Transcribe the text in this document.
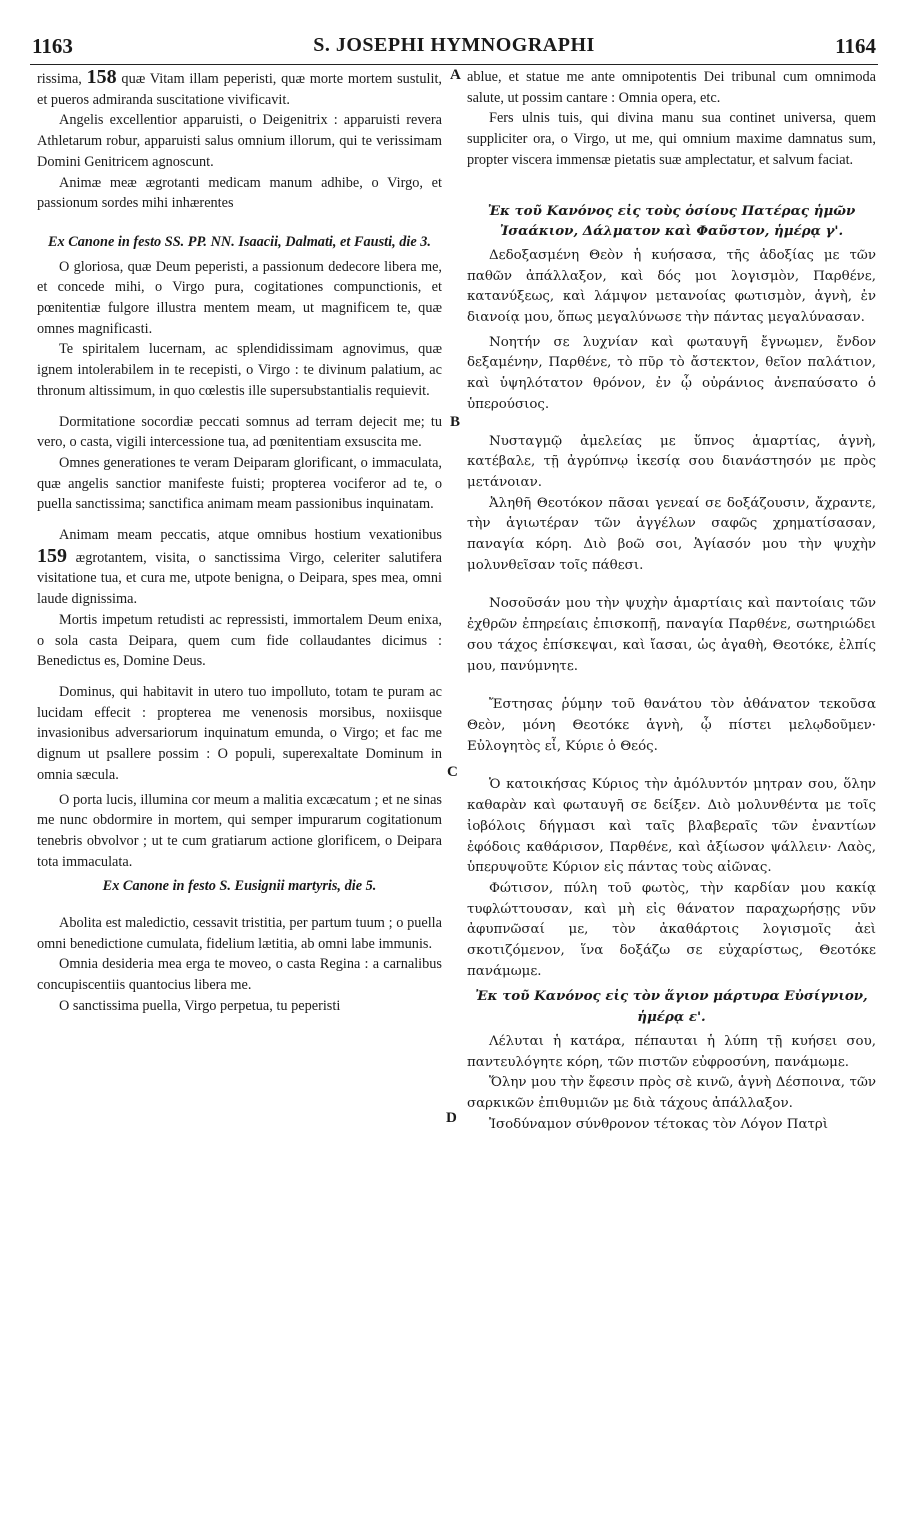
1163	S. JOSEPHI HYMNOGRAPHI	1164
A
B
C
D

rissima, 158 quæ Vitam illam peperisti, quæ morte mortem sustulit, et pueros admiranda suscitatione vivificavit.

Angelis excellentior apparuisti, o Deigenitrix : apparuisti revera Athletarum robur, apparuisti salus omnium illorum, qui te verissimam Domini Genitricem agnoscunt.

Animæ meæ ægrotanti medicam manum adhibe, o Virgo, et passionum sordes mihi inhærentes

Ex Canone in festo SS. PP. NN. Isaacii, Dalmati, et Fausti, die 3.

O gloriosa, quæ Deum peperisti, a passionum dedecore libera me, et concede mihi, o Virgo pura, cogitationes compunctionis, et pœnitentiæ fulgore illustra mentem meam, ut magnificem te, quæ omnes magnificasti.

Te spiritalem lucernam, ac splendidissimam agnovimus, quæ ignem intolerabilem in te recepisti, o Virgo : te divinum palatium, ac thronum altissimum, in quo cœlestis ille supersubstantialis requievit.

Dormitatione socordiæ peccati somnus ad terram dejecit me; tu vero, o casta, vigili intercessione tua, ad pœnitentiam exsuscita me.

Omnes generationes te veram Deiparam glorificant, o immaculata, quæ angelis sanctior manifeste fuisti; propterea vociferor ad te, o puella sanctissima; sanctifica animam meam passionibus inquinatam.

Animam meam peccatis, atque omnibus hostium vexationibus 159 ægrotantem, visita, o sanctissima Virgo, celeriter salutifera visitatione tua, et cura me, utpote benigna, o Deipara, spes mea, omni laude dignissima.

Mortis impetum retudisti ac repressisti, immortalem Deum enixa, o sola casta Deipara, quem cum fide collaudantes dicimus : Benedictus es, Domine Deus.

Dominus, qui habitavit in utero tuo impolluto, totam te puram ac lucidam effecit : propterea me venenosis morsibus, noxiisque invasionibus adversariorum inquinatum emunda, o Virgo; et fac me dignum ut psallere possim : O populi, superexaltate Dominum in omnia sæcula.

O porta lucis, illumina cor meum a malitia excæcatum ; et ne sinas me nunc obdormire in mortem, qui semper impurarum cogitationum tenebris obvolvor ; ut te cum gratiarum actione glorificem, o Deipara tota immaculata.

Ex Canone in festo S. Eusignii martyris, die 5.

Abolita est maledictio, cessavit tristitia, per partum tuum ; o puella omni benedictione cumulata, fidelium lætitia, ab omni labe immunis.

Omnia desideria mea erga te moveo, o casta Regina : a carnalibus concupiscentiis quantocius libera me.

O sanctissima puella, Virgo perpetua, tu peperisti

ablue, et statue me ante omnipotentis Dei tribunal cum omnimoda salute, ut possim cantare : Omnia opera, etc.

Fers ulnis tuis, qui divina manu sua continet universa, quem suppliciter ora, o Virgo, ut me, qui omnium maxime damnatus sum, propter viscera immensæ pietatis suæ amplectatur, et salvum faciat.

Ἐκ τοῦ Κανόνος εἰς τοὺς ὁσίους Πατέρας ἡμῶν Ἰσαάκιον, Δάλματον καὶ Φαῦστον, ἡμέρᾳ γ'.

Δεδοξασμένη Θεὸν ἡ κυήσασα, τῆς ἀδοξίας με τῶν παθῶν ἀπάλλαξον, καὶ δός μοι λογισμὸν, Παρθένε, κατανύξεως, καὶ λάμψον μετανοίας φωτισμὸν, ἁγνὴ, ἐν διανοίᾳ μου, ὅπως μεγαλύνωσε τὴν πάντας μεγαλύνασαν.

Νοητήν σε λυχνίαν καὶ φωταυγῆ ἔγνωμεν, ἔνδον δεξαμένην, Παρθένε, τὸ πῦρ τὸ ἄστεκτον, θεῖον παλάτιον, καὶ ὑψηλότατον θρόνον, ἐν ᾧ οὐράνιος ἀνεπαύσατο ὁ ὑπερούσιος.

Νυσταγμῷ ἀμελείας με ὕπνος ἁμαρτίας, ἁγνὴ, κατέβαλε, τῇ ἀγρύπνῳ ἱκεσίᾳ σου διανάστησόν με πρὸς μετάνοιαν.

Ἀληθῆ Θεοτόκον πᾶσαι γενεαί σε δοξάζουσιν, ἄχραντε, τὴν ἁγιωτέραν τῶν ἀγγέλων σαφῶς χρηματίσασαν, παναγία κόρη. Διὸ βοῶ σοι, Ἁγίασόν μου τὴν ψυχὴν μολυνθεῖσαν τοῖς πάθεσι.

Νοσοῦσάν μου τὴν ψυχὴν ἁμαρτίαις καὶ παντοίαις τῶν ἐχθρῶν ἐπηρείαις ἐπισκοπῇ, παναγία Παρθένε, σωτηριώδει σου τάχος ἐπίσκεψαι, καὶ ἴασαι, ὡς ἀγαθὴ, Θεοτόκε, ἐλπίς μου, πανύμνητε.

Ἔστησας ῥύμην τοῦ θανάτου τὸν ἀθάνατον τεκοῦσα Θεὸν, μόνη Θεοτόκε ἁγνὴ, ᾧ πίστει μελῳδοῦμεν· Εὐλογητὸς εἶ, Κύριε ὁ Θεός.

Ὁ κατοικήσας Κύριος τὴν ἀμόλυντόν μητραν σου, ὅλην καθαρὰν καὶ φωταυγῆ σε δείξεν. Διὸ μολυνθέντα με τοῖς ἰοβόλοις δήγμασι καὶ ταῖς βλαβεραῖς τῶν ἐναντίων ἐφόδοις καθάρισον, Παρθένε, καὶ ἀξίωσον ψάλλειν· Λαὸς, ὑπερυψοῦτε Κύριον εἰς πάντας τοὺς αἰῶνας.

Φώτισον, πύλη τοῦ φωτὸς, τὴν καρδίαν μου κακίᾳ τυφλώττουσαν, καὶ μὴ εἰς θάνατον παραχωρήσῃς νῦν ἀφυπνῶσαί με, τὸν ἀκαθάρτοις λογισμοῖς ἀεὶ σκοτιζόμενον, ἵνα δοξάζω σε εὐχαρίστως, Θεοτόκε πανάμωμε.

Ἐκ τοῦ Κανόνος εἰς τὸν ἅγιον μάρτυρα Εὐσίγνιον, ἡμέρᾳ ε'.

Λέλυται ἡ κατάρα, πέπαυται ἡ λύπη τῇ κυήσει σου, παντευλόγητε κόρη, τῶν πιστῶν εὐφροσύνη, πανάμωμε.

Ὅλην μου τὴν ἔφεσιν πρὸς σὲ κινῶ, ἁγνὴ Δέσποινα, τῶν σαρκικῶν ἐπιθυμιῶν με διὰ τάχους ἀπάλλαξον.

Ἰσοδύναμον σύνθρονον τέτοκας τὸν Λόγον Πατρὶ
